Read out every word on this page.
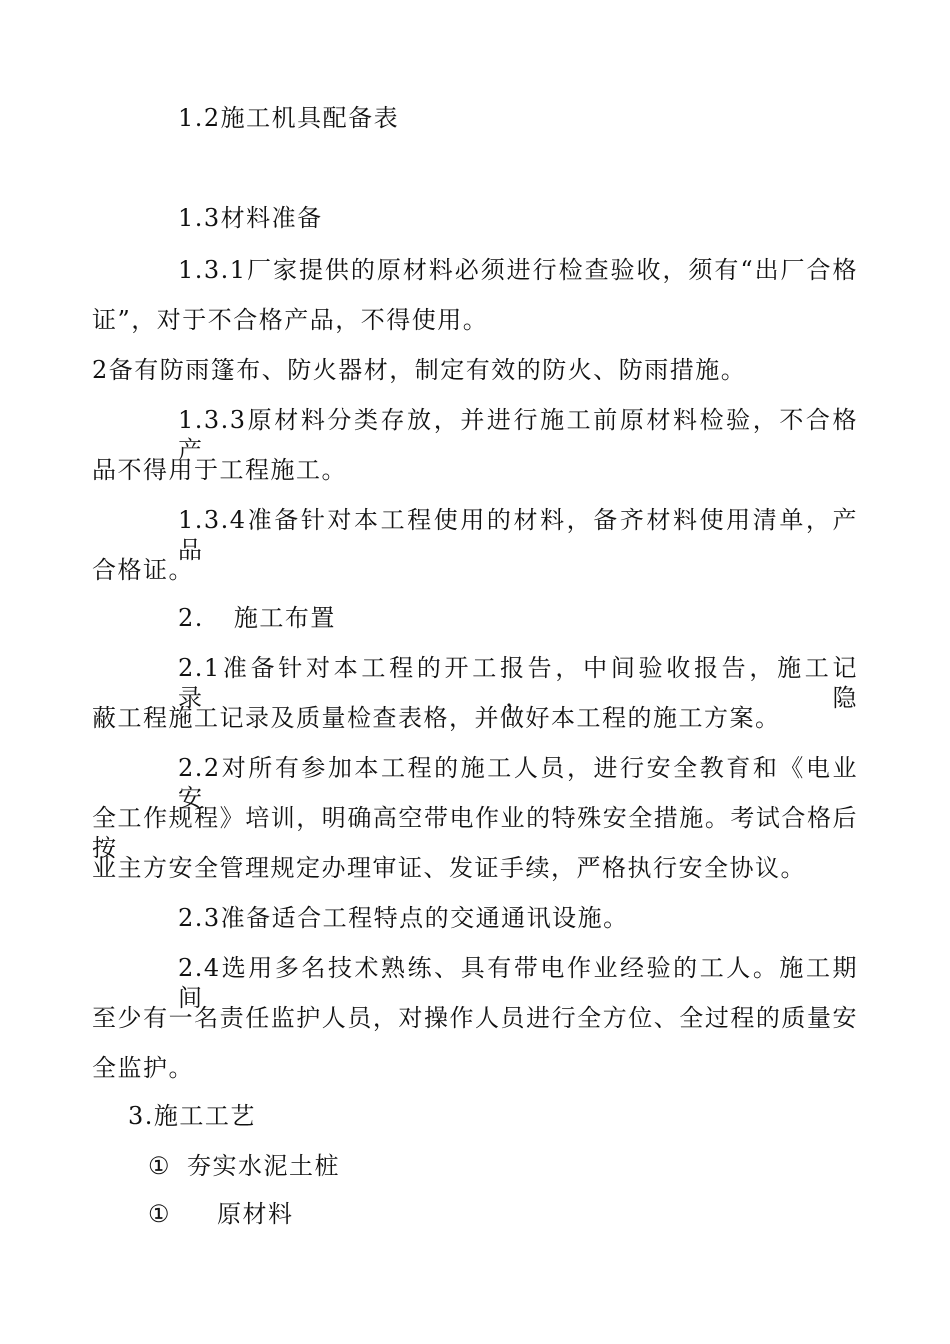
1.2施工机具配备表
1.3材料准备
1.3.1厂家提供的原材料必须进行检查验收，须有“出厂合格
证”，对于不合格产品，不得使用。
2备有防雨篷布、防火器材，制定有效的防火、防雨措施。
1.3.3原材料分类存放，并进行施工前原材料检验，不合格产
品不得用于工程施工。
1.3.4准备针对本工程使用的材料，备齐材料使用清单，产品
合格证。
2. 施工布置
2.1准备针对本工程的开工报告，中间验收报告，施工记录，隐
蔽工程施工记录及质量检查表格，并做好本工程的施工方案。
2.2对所有参加本工程的施工人员，进行安全教育和《电业安
全工作规程》培训，明确高空带电作业的特殊安全措施。考试合格后按
业主方安全管理规定办理审证、发证手续，严格执行安全协议。
2.3准备适合工程特点的交通通讯设施。
2.4选用多名技术熟练、具有带电作业经验的工人。施工期间
至少有一名责任监护人员，对操作人员进行全方位、全过程的质量安
全监护。
3.施工工艺
① 夯实水泥土桩
① 原材料
